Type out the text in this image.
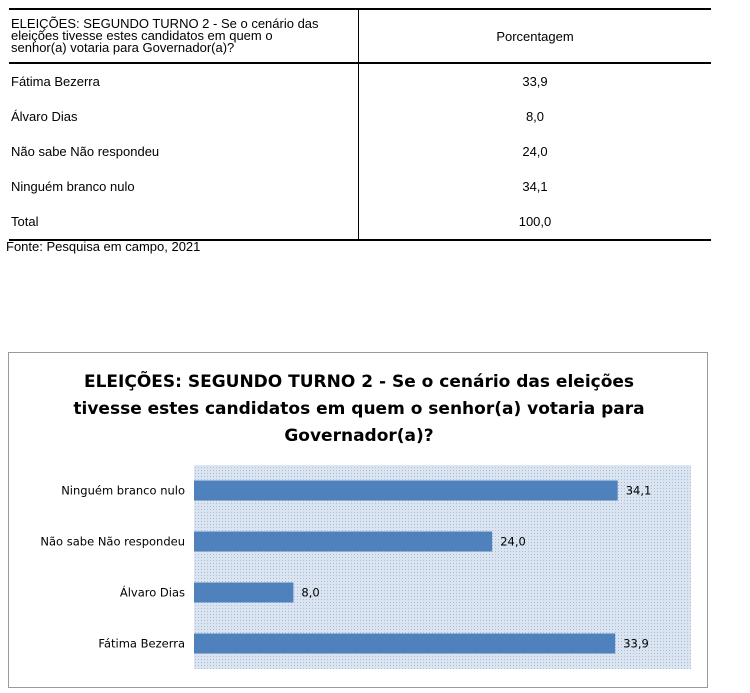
ELEIÇÕES: SEGUNDO TURNO 2 - Se o cenário das
eleições tivesse estes candidatos em quem o
senhor(a) votaria para Governador(a)?	Porcentagem
Fátima Bezerra	33,9
Álvaro Dias	8,0
Não sabe Não respondeu	24,0
Ninguém branco nulo	34,1
Total	100,0
Fonte: Pesquisa em campo, 2021
Ninguém branco nulo	34,1
Não sabe Não respondeu	24,0
Álvaro Dias	8,0
Fátima Bezerra	33,9
ELEIÇÕES: SEGUNDO TURNO 2 - Se o cenário das eleições
tivesse estes candidatos em quem o senhor(a) votaria para
Governador(a)?
